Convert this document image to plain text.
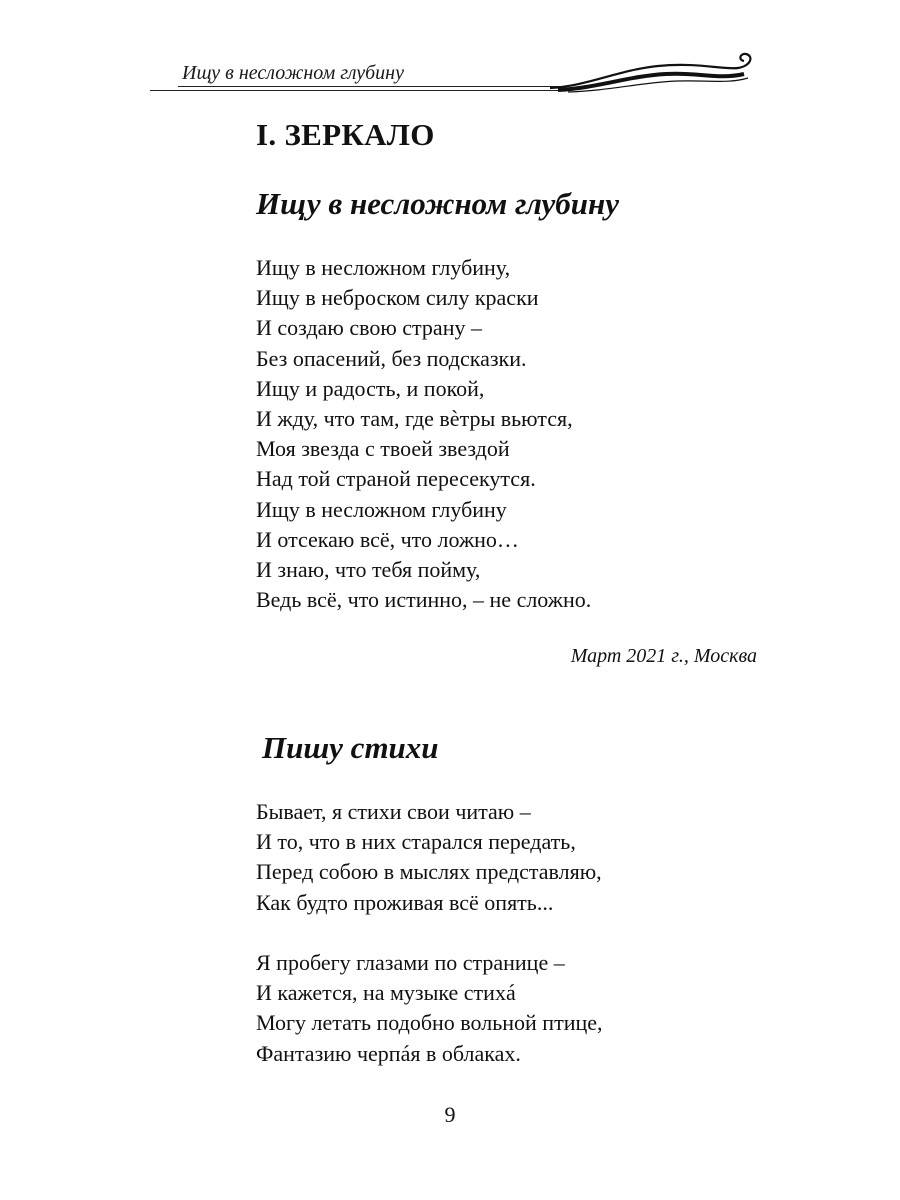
Ищу в несложном глубину
I. ЗЕРКАЛО
Ищу в несложном глубину
Ищу в несложном глубину,
Ищу в неброском силу краски
И создаю свою страну –
Без опасений, без подсказки.
Ищу и радость, и покой,
И жду, что там, где вѐтры вьются,
Моя звезда с твоей звездой
Над той страной пересекутся.
Ищу в несложном глубину
И отсекаю всё, что ложно…
И знаю, что тебя пойму,
Ведь всё, что истинно, – не сложно.
Март 2021 г., Москва
Пишу стихи
Бывает, я стихи свои читаю –
И то, что в них старался передать,
Перед собою в мыслях представляю,
Как будто проживая всё опять...
Я пробегу глазами по странице –
И кажется, на музыке стихá
Могу летать подобно вольной птице,
Фантазию черпáя в облаках.
9
